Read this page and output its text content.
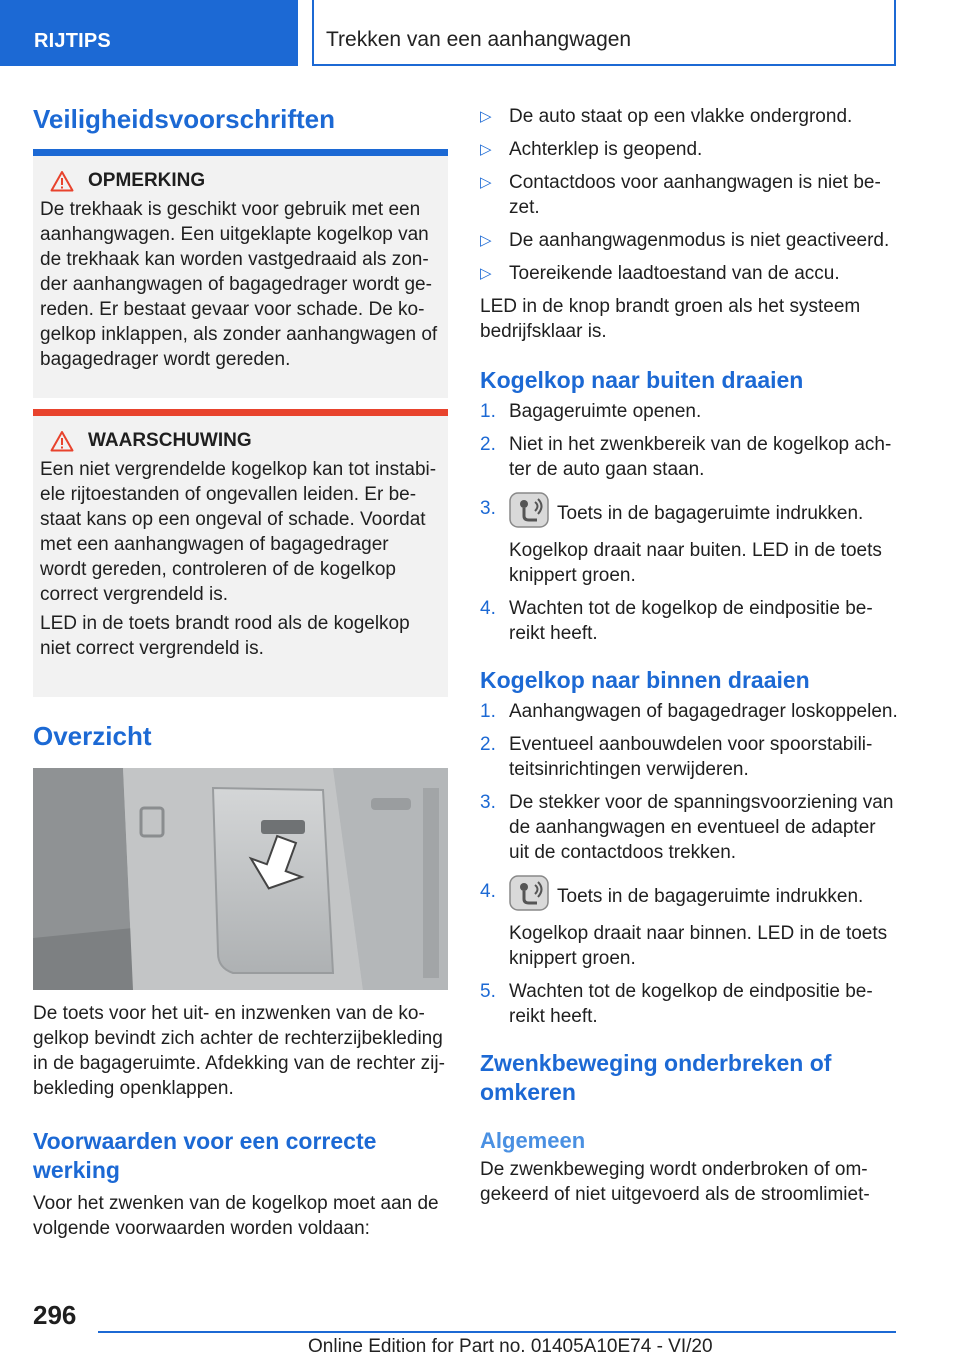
RIJTIPS	Trekken van een aanhangwagen
Veiligheidsvoorschriften
OPMERKING

De trekhaak is geschikt voor gebruik met een aanhangwagen. Een uitgeklapte kogelkop van de trekhaak kan worden vastgedraaid als zonder aanhangwagen of bagagedrager wordt gereden. Er bestaat gevaar voor schade. De kogelkop inklappen, als zonder aanhangwagen of bagagedrager wordt gereden.

WAARSCHUWING

Een niet vergrendelde kogelkop kan tot instabiele rijtoestanden of ongevallen leiden. Er bestaat kans op een ongeval of schade. Voordat met een aanhangwagen of bagagedrager wordt gereden, controleren of de kogelkop correct vergrendeld is.

LED in de toets brandt rood als de kogelkop niet correct vergrendeld is.

Overzicht

De toets voor het uit- en inzwenken van de kogelkop bevindt zich achter de rechterzijbekleding in de bagageruimte. Afdekking van de rechter zijbekleding openklappen.

Voorwaarden voor een correcte werking

Voor het zwenken van de kogelkop moet aan de volgende voorwaarden worden voldaan:

▷ De auto staat op een vlakke ondergrond.
▷ Achterklep is geopend.
▷ Contactdoos voor aanhangwagen is niet bezet.
▷ De aanhangwagenmodus is niet geactiveerd.
▷ Toereikende laadtoestand van de accu.

LED in de knop brandt groen als het systeem bedrijfsklaar is.

Kogelkop naar buiten draaien
1. Bagageruimte openen.
2. Niet in het zwenkbereik van de kogelkop achter de auto gaan staan.
3.	Toets in de bagageruimte indrukken.
Kogelkop draait naar buiten. LED in de toets knippert groen.
4. Wachten tot de kogelkop de eindpositie bereikt heeft.
Kogelkop naar binnen draaien
1. Aanhangwagen of bagagedrager loskoppelen.
2. Eventueel aanbouwdelen voor spoorstabiliteitsinrichtingen verwijderen.
3. De stekker voor de spanningsvoorziening van de aanhangwagen en eventueel de adapter uit de contactdoos trekken.
4.	Toets in de bagageruimte indrukken.
Kogelkop draait naar binnen. LED in de toets knippert groen.
5. Wachten tot de kogelkop de eindpositie bereikt heeft.
Zwenkbeweging onderbreken of omkeren
Algemeen

De zwenkbeweging wordt onderbroken of omgekeerd of niet uitgevoerd als de stroomlimiet-

296
Online Edition for Part no. 01405A10E74 - VI/20
